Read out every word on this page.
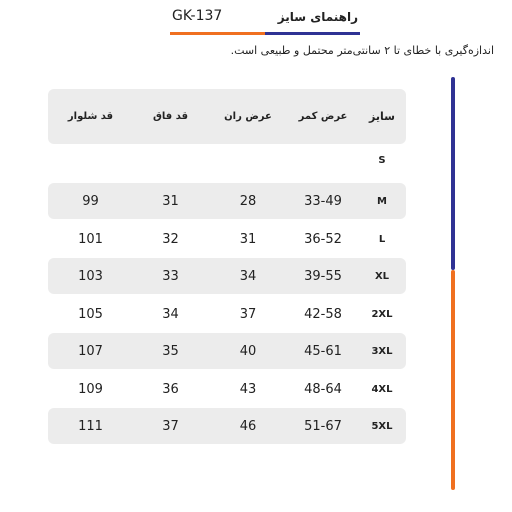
GK-137	راهنمای سایز
اندازه‌گیری با خطای تا ۲ سانتی‌متر محتمل و طبیعی است.
سایز
عرض کمر
عرض ران
قد فاق
قد شلوار
S
M
33-49
28
31
99
L
36-52
31
32
101
XL
39-55
34
33
103
2XL
42-58
37
34
105
3XL
45-61
40
35
107
4XL
48-64
43
36
109
5XL
51-67
46
37
111
